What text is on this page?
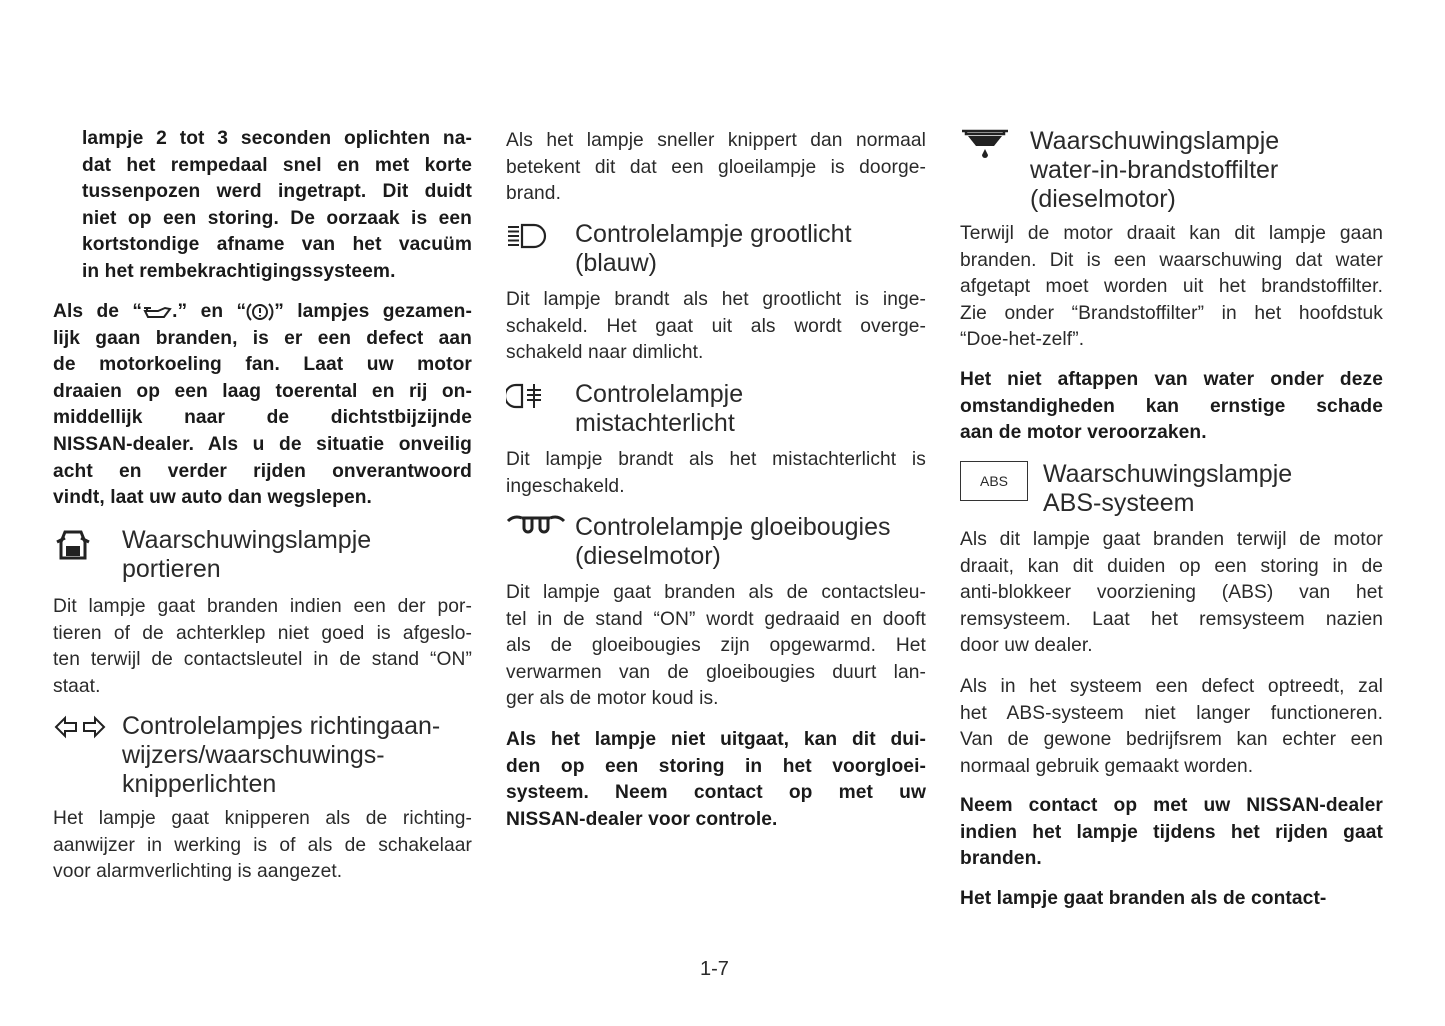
lampje 2 tot 3 seconden oplichten na-
dat het rempedaal snel en met korte
tussenpozen werd ingetrapt. Dit duidt
niet op een storing. De oorzaak is een
kortstondige afname van het vacuüm
in het rembekrachtigingssysteem.
Als de “ .” en “ ” lampjes gezamen-
lijk gaan branden, is er een defect aan
de motorkoeling fan. Laat uw motor
draaien op een laag toerental en rij on-
middellijk naar de dichtstbijzijnde
NISSAN-dealer. Als u de situatie onveilig
acht en verder rijden onverantwoord
vindt, laat uw auto dan wegslepen.
Waarschuwingslampje
portieren
Dit lampje gaat branden indien een der por-
tieren of de achterklep niet goed is afgeslo-
ten terwijl de contactsleutel in de stand “ON”
staat.
Controlelampjes richtingaan-
wijzers/waarschuwings-
knipperlichten
Het lampje gaat knipperen als de richting-
aanwijzer in werking is of als de schakelaar
voor alarmverlichting is aangezet.
Als het lampje sneller knippert dan normaal
betekent dit dat een gloeilampje is doorge-
brand.
Controlelampje grootlicht
(blauw)
Dit lampje brandt als het grootlicht is inge-
schakeld. Het gaat uit als wordt overge-
schakeld naar dimlicht.
Controlelampje
mistachterlicht
Dit lampje brandt als het mistachterlicht is
ingeschakeld.
Controlelampje gloeibougies
(dieselmotor)
Dit lampje gaat branden als de contactsleu-
tel in de stand “ON” wordt gedraaid en dooft
als de gloeibougies zijn opgewarmd. Het
verwarmen van de gloeibougies duurt lan-
ger als de motor koud is.
Als het lampje niet uitgaat, kan dit dui-
den op een storing in het voorgloei-
systeem. Neem contact op met uw
NISSAN-dealer voor controle.
Waarschuwingslampje
water-in-brandstoffilter
(dieselmotor)
Terwijl de motor draait kan dit lampje gaan
branden. Dit is een waarschuwing dat water
afgetapt moet worden uit het brandstoffilter.
Zie onder “Brandstoffilter” in het hoofdstuk
“Doe-het-zelf”.
Het niet aftappen van water onder deze
omstandigheden kan ernstige schade
aan de motor veroorzaken.
ABS	Waarschuwingslampje
ABS-systeem
Als dit lampje gaat branden terwijl de motor
draait, kan dit duiden op een storing in de
anti-blokkeer voorziening (ABS) van het
remsysteem. Laat het remsysteem nazien
door uw dealer.
Als in het systeem een defect optreedt, zal
het ABS-systeem niet langer functioneren.
Van de gewone bedrijfsrem kan echter een
normaal gebruik gemaakt worden.
Neem contact op met uw NISSAN-dealer
indien het lampje tijdens het rijden gaat
branden.
Het lampje gaat branden als de contact-
1-7
